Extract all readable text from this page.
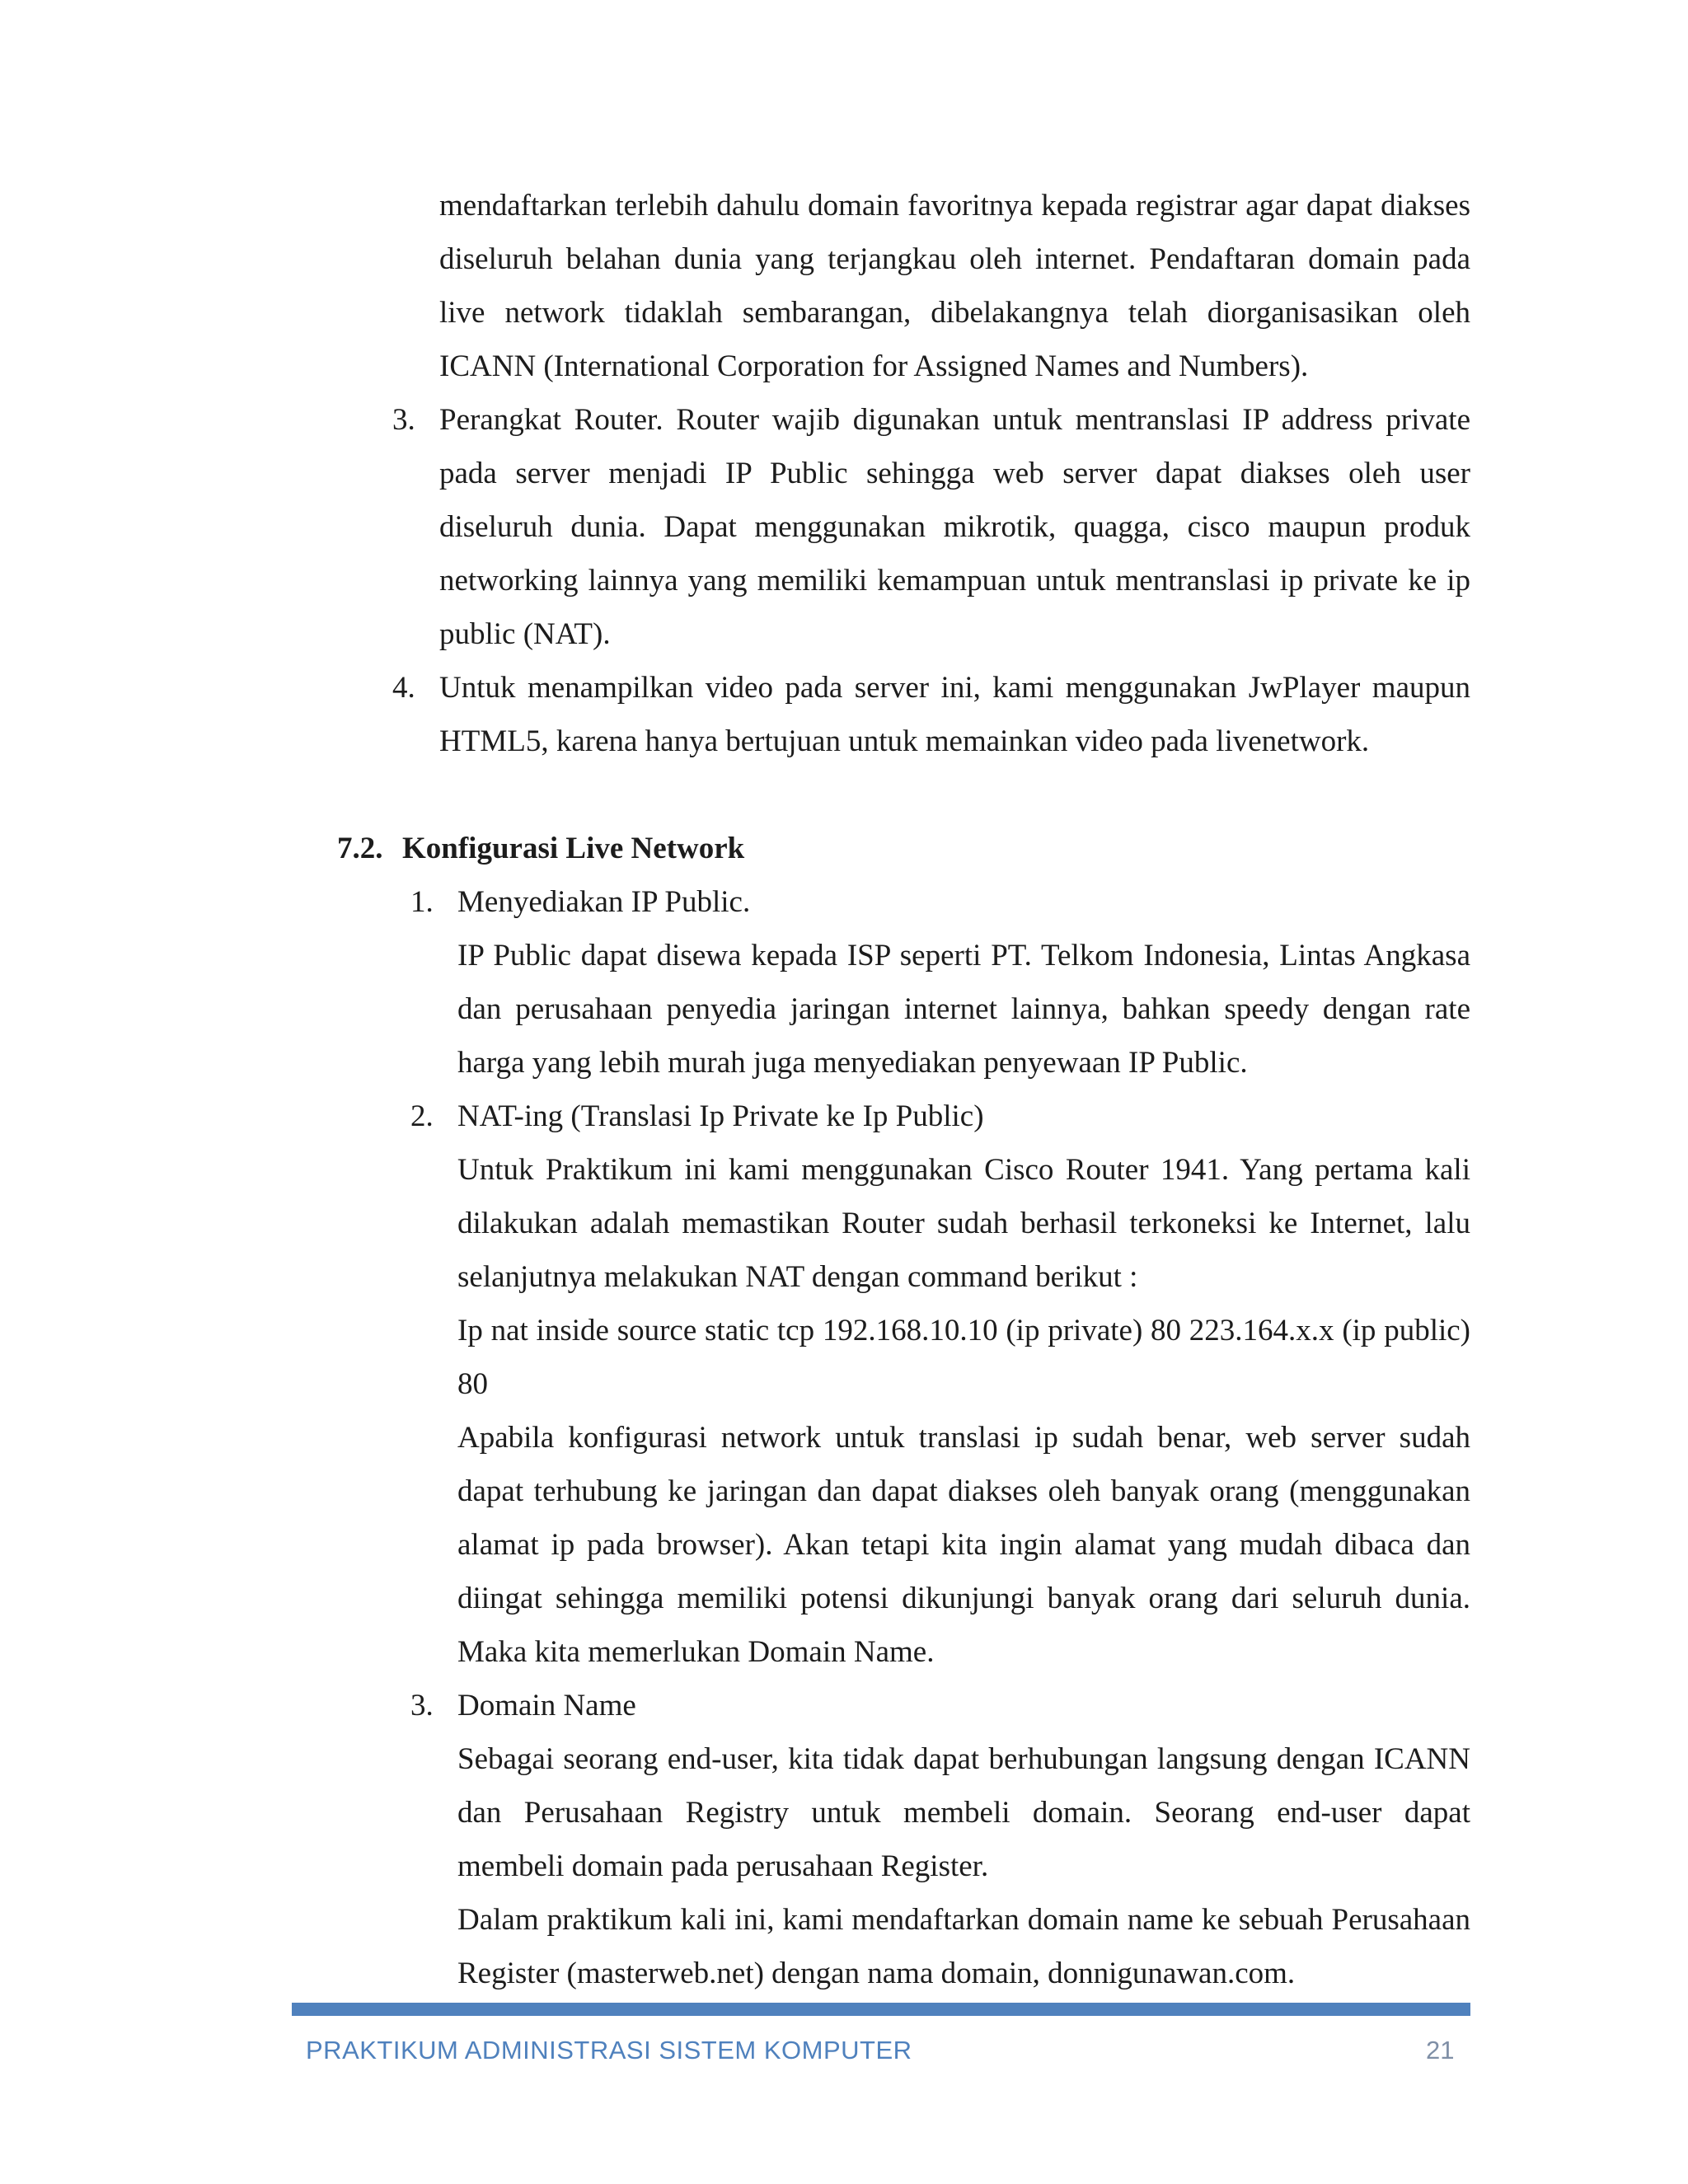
mendaftarkan terlebih dahulu domain favoritnya kepada registrar agar dapat diakses
diseluruh belahan dunia yang terjangkau oleh internet. Pendaftaran domain pada
live network tidaklah sembarangan, dibelakangnya telah diorganisasikan oleh
ICANN (International Corporation for Assigned Names and Numbers).
3. Perangkat Router. Router wajib digunakan untuk mentranslasi IP address private
pada server menjadi IP Public sehingga web server dapat diakses oleh user
diseluruh dunia. Dapat menggunakan mikrotik, quagga, cisco maupun produk
networking lainnya yang memiliki kemampuan untuk mentranslasi ip private ke ip
public (NAT).
4. Untuk menampilkan video pada server ini, kami menggunakan JwPlayer maupun
HTML5, karena hanya bertujuan untuk memainkan video pada livenetwork.
7.2. Konfigurasi Live Network
1. Menyediakan IP Public.
IP Public dapat disewa kepada ISP seperti PT. Telkom Indonesia, Lintas Angkasa
dan perusahaan penyedia jaringan internet lainnya, bahkan speedy dengan rate
harga yang lebih murah juga menyediakan penyewaan IP Public.
2. NAT-ing (Translasi Ip Private ke Ip Public)
Untuk Praktikum ini kami menggunakan Cisco Router 1941. Yang pertama kali
dilakukan adalah memastikan Router sudah berhasil terkoneksi ke Internet, lalu
selanjutnya melakukan NAT dengan command berikut :
Ip nat inside source static tcp 192.168.10.10 (ip private) 80 223.164.x.x (ip public)
80
Apabila konfigurasi network untuk translasi ip sudah benar, web server sudah
dapat terhubung ke jaringan dan dapat diakses oleh banyak orang (menggunakan
alamat ip pada browser). Akan tetapi kita ingin alamat yang mudah dibaca dan
diingat sehingga memiliki potensi dikunjungi banyak orang dari seluruh dunia.
Maka kita memerlukan Domain Name.
3. Domain Name
Sebagai seorang end-user, kita tidak dapat berhubungan langsung dengan ICANN
dan Perusahaan Registry untuk membeli domain. Seorang end-user dapat
membeli domain pada perusahaan Register.
Dalam praktikum kali ini, kami mendaftarkan domain name ke sebuah Perusahaan
Register (masterweb.net) dengan nama domain, donnigunawan.com.
PRAKTIKUM ADMINISTRASI SISTEM KOMPUTER	21
